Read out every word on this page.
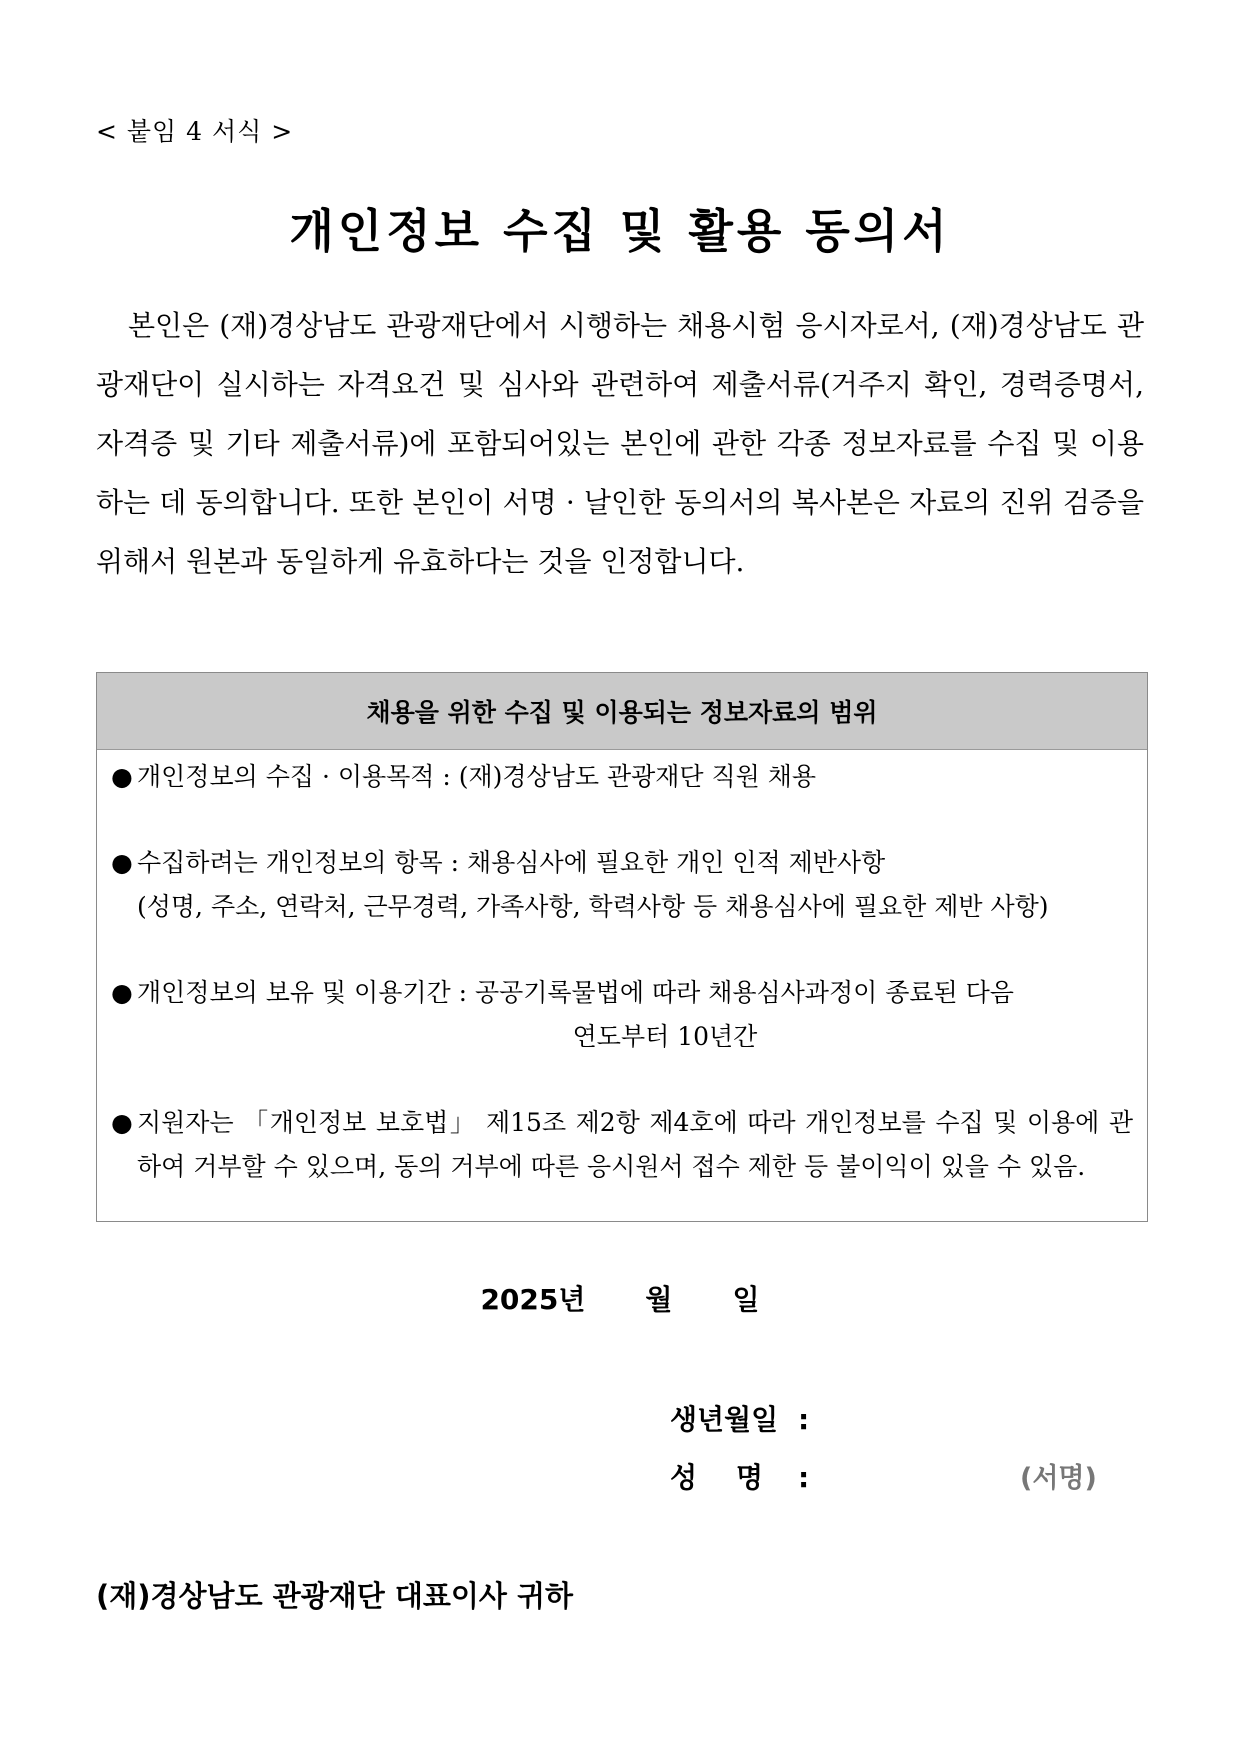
< 붙임 4 서식 >
개인정보 수집 및 활용 동의서

본인은 (재)경상남도 관광재단에서 시행하는 채용시험 응시자로서, (재)경상남도 관광재단이 실시하는 자격요건 및 심사와 관련하여 제출서류(거주지 확인, 경력증명서, 자격증 및 기타 제출서류)에 포함되어있는 본인에 관한 각종 정보자료를 수집 및 이용하는 데 동의합니다. 또한 본인이 서명 · 날인한 동의서의 복사본은 자료의 진위 검증을 위해서 원본과 동일하게 유효하다는 것을 인정합니다.

채용을 위한 수집 및 이용되는 정보자료의 범위
● 개인정보의 수집 · 이용목적 : (재)경상남도 관광재단 직원 채용
● 수집하려는 개인정보의 항목 : 채용심사에 필요한 개인 인적 제반사항
(성명, 주소, 연락처, 근무경력, 가족사항, 학력사항 등 채용심사에 필요한 제반 사항)
● 개인정보의 보유 및 이용기간 : 공공기록물법에 따라 채용심사과정이 종료된 다음
연도부터 10년간
● 지원자는 「개인정보 보호법」 제15조 제2항 제4호에 따라 개인정보를 수집 및 이용에 관하여 거부할 수 있으며, 동의 거부에 따른 응시원서 접수 제한 등 불이익이 있을 수 있음.
2025년 월 일
생년월일 :
성    명 :	(서명)
(재)경상남도 관광재단 대표이사 귀하
